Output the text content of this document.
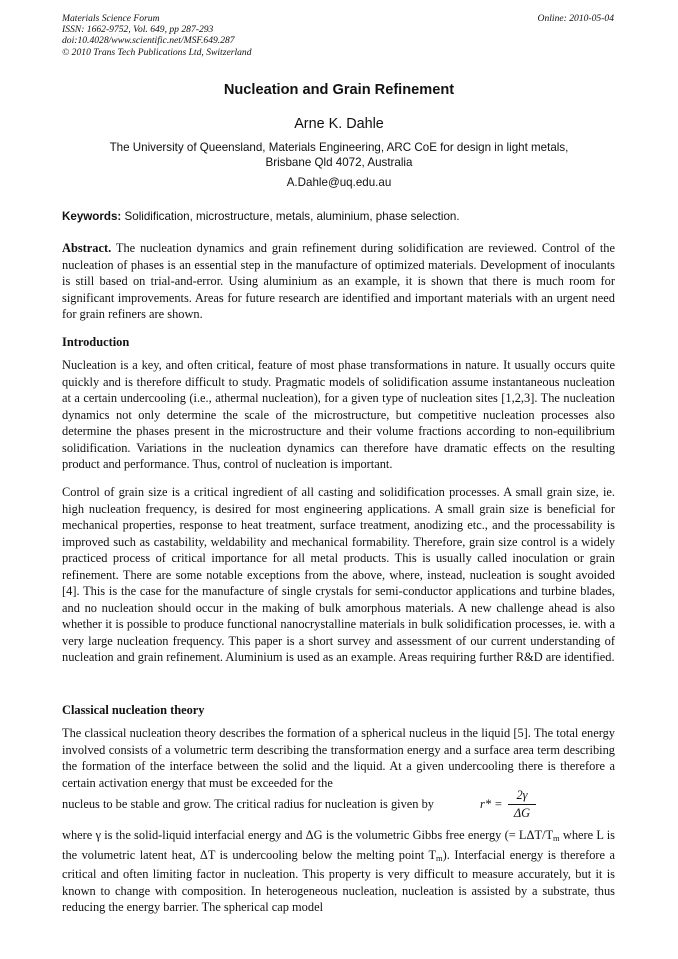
Materials Science Forum
ISSN: 1662-9752, Vol. 649, pp 287-293
doi:10.4028/www.scientific.net/MSF.649.287
© 2010 Trans Tech Publications Ltd, Switzerland
Online: 2010-05-04
Nucleation and Grain Refinement
Arne K. Dahle
The University of Queensland, Materials Engineering, ARC CoE for design in light metals,
Brisbane Qld 4072, Australia
A.Dahle@uq.edu.au
Keywords: Solidification, microstructure, metals, aluminium, phase selection.

Abstract. The nucleation dynamics and grain refinement during solidification are reviewed. Control of the nucleation of phases is an essential step in the manufacture of optimized materials. Development of inoculants is still based on trial-and-error. Using aluminium as an example, it is shown that there is much room for significant improvements. Areas for future research are identified and important materials with an urgent need for grain refiners are shown.

Introduction

Nucleation is a key, and often critical, feature of most phase transformations in nature. It usually occurs quite quickly and is therefore difficult to study. Pragmatic models of solidification assume instantaneous nucleation at a certain undercooling (i.e., athermal nucleation), for a given type of nucleation sites [1,2,3]. The nucleation dynamics not only determine the scale of the microstructure, but competitive nucleation processes also determine the phases present in the microstructure and their volume fractions according to non-equilibrium solidification. Variations in the nucleation dynamics can therefore have dramatic effects on the resulting product and performance. Thus, control of nucleation is important.

Control of grain size is a critical ingredient of all casting and solidification processes. A small grain size, ie. high nucleation frequency, is desired for most engineering applications. A small grain size is beneficial for mechanical properties, response to heat treatment, surface treatment, anodizing etc., and the processability is improved such as castability, weldability and mechanical formability. Therefore, grain size control is a widely practiced process of critical importance for all metal products. This is usually called inoculation or grain refinement. There are some notable exceptions from the above, where, instead, nucleation is sought avoided [4]. This is the case for the manufacture of single crystals for semi-conductor applications and turbine blades, and no nucleation should occur in the making of bulk amorphous materials. A new challenge ahead is also whether it is possible to produce functional nanocrystalline materials in bulk solidification processes, ie. with a very large nucleation frequency. This paper is a short survey and assessment of our current understanding of nucleation and grain refinement. Aluminium is used as an example. Areas requiring further R&D are identified.

Classical nucleation theory

The classical nucleation theory describes the formation of a spherical nucleus in the liquid [5]. The total energy involved consists of a volumetric term describing the transformation energy and a surface area term describing the formation of the interface between the solid and the liquid. At a given undercooling there is therefore a certain activation energy that must be exceeded for the

nucleus to be stable and grow. The critical radius for nucleation is given by	r* =
2γ
ΔG

where γ is the solid-liquid interfacial energy and ΔG is the volumetric Gibbs free energy (= LΔT/$T_m$ where L is the volumetric latent heat, ΔT is undercooling below the melting point $T_m$). Interfacial energy is therefore a critical and often limiting factor in nucleation. This property is very difficult to measure accurately, but it is known to change with composition. In heterogeneous nucleation, nucleation is assisted by a substrate, thus reducing the energy barrier. The spherical cap model
